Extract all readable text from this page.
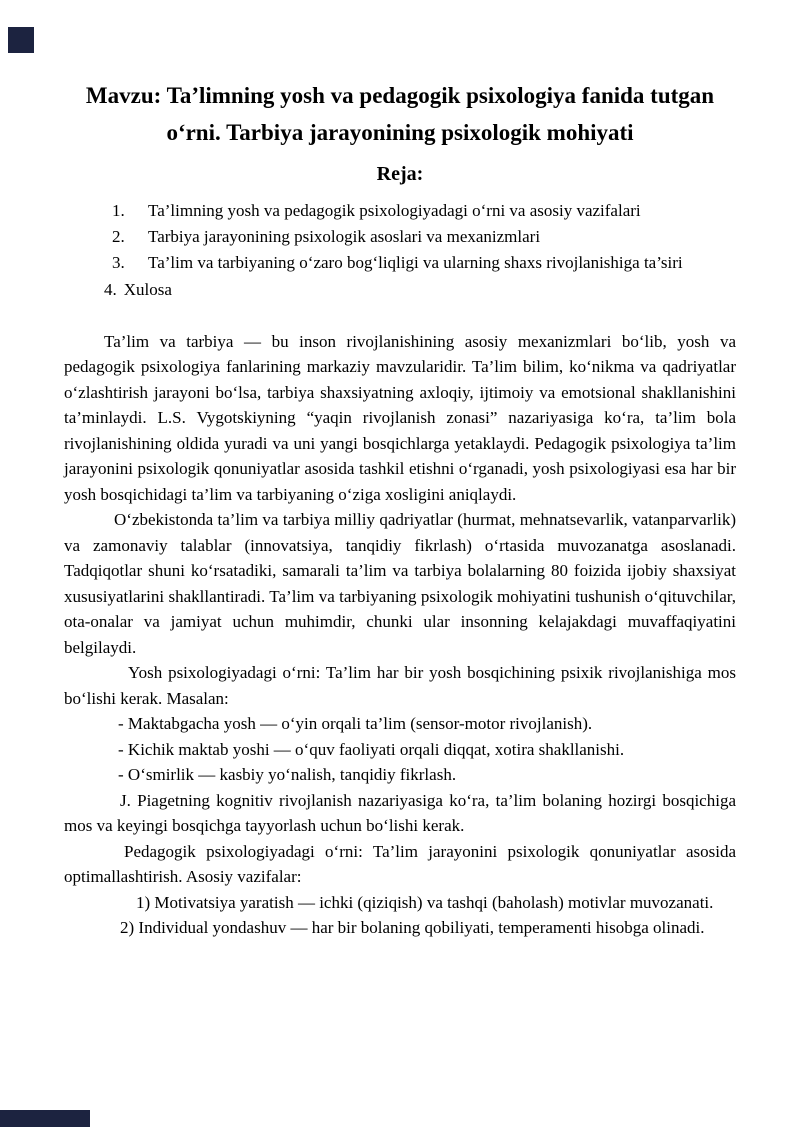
Mavzu: Ta’limning yosh va pedagogik psixologiya fanida tutgan o‘rni. Tarbiya jarayonining psixologik mohiyati
Reja:
1.	Ta’limning yosh va pedagogik psixologiyadagi o‘rni va asosiy vazifalari
2.	Tarbiya jarayonining psixologik asoslari va mexanizmlari
3.	Ta’lim va tarbiyaning o‘zaro bog‘liqligi va ularning shaxs rivojlanishiga ta’siri
4. Xulosa

Ta’lim va tarbiya — bu inson rivojlanishining asosiy mexanizmlari bo‘lib, yosh va pedagogik psixologiya fanlarining markaziy mavzularidir. Ta’lim bilim, ko‘nikma va qadriyatlar o‘zlashtirish jarayoni bo‘lsa, tarbiya shaxsiyatning axloqiy, ijtimoiy va emotsional shakllanishini ta’minlaydi. L.S. Vygotskiyning “yaqin rivojlanish zonasi” nazariyasiga ko‘ra, ta’lim bola rivojlanishining oldida yuradi va uni yangi bosqichlarga yetaklaydi. Pedagogik psixologiya ta’lim jarayonini psixologik qonuniyatlar asosida tashkil etishni o‘rganadi, yosh psixologiyasi esa har bir yosh bosqichidagi ta’lim va tarbiyaning o‘ziga xosligini aniqlaydi.

O‘zbekistonda ta’lim va tarbiya milliy qadriyatlar (hurmat, mehnatsevarlik, vatanparvarlik) va zamonaviy talablar (innovatsiya, tanqidiy fikrlash) o‘rtasida muvozanatga asoslanadi. Tadqiqotlar shuni ko‘rsatadiki, samarali ta’lim va tarbiya bolalarning 80 foizida ijobiy shaxsiyat xususiyatlarini shakllantiradi. Ta’lim va tarbiyaning psixologik mohiyatini tushunish o‘qituvchilar, ota-onalar va jamiyat uchun muhimdir, chunki ular insonning kelajakdagi muvaffaqiyatini belgilaydi.

Yosh psixologiyadagi o‘rni: Ta’lim har bir yosh bosqichining psixik rivojlanishiga mos bo‘lishi kerak. Masalan:

- Maktabgacha yosh — o‘yin orqali ta’lim (sensor-motor rivojlanish).

- Kichik maktab yoshi — o‘quv faoliyati orqali diqqat, xotira shakllanishi.

- O‘smirlik — kasbiy yo‘nalish, tanqidiy fikrlash.

J. Piagetning kognitiv rivojlanish nazariyasiga ko‘ra, ta’lim bolaning hozirgi bosqichiga mos va keyingi bosqichga tayyorlash uchun bo‘lishi kerak.

Pedagogik psixologiyadagi o‘rni: Ta’lim jarayonini psixologik qonuniyatlar asosida optimallashtirish. Asosiy vazifalar:

1) Motivatsiya yaratish — ichki (qiziqish) va tashqi (baholash) motivlar muvozanati.

2) Individual yondashuv — har bir bolaning qobiliyati, temperamenti hisobga olinadi.
